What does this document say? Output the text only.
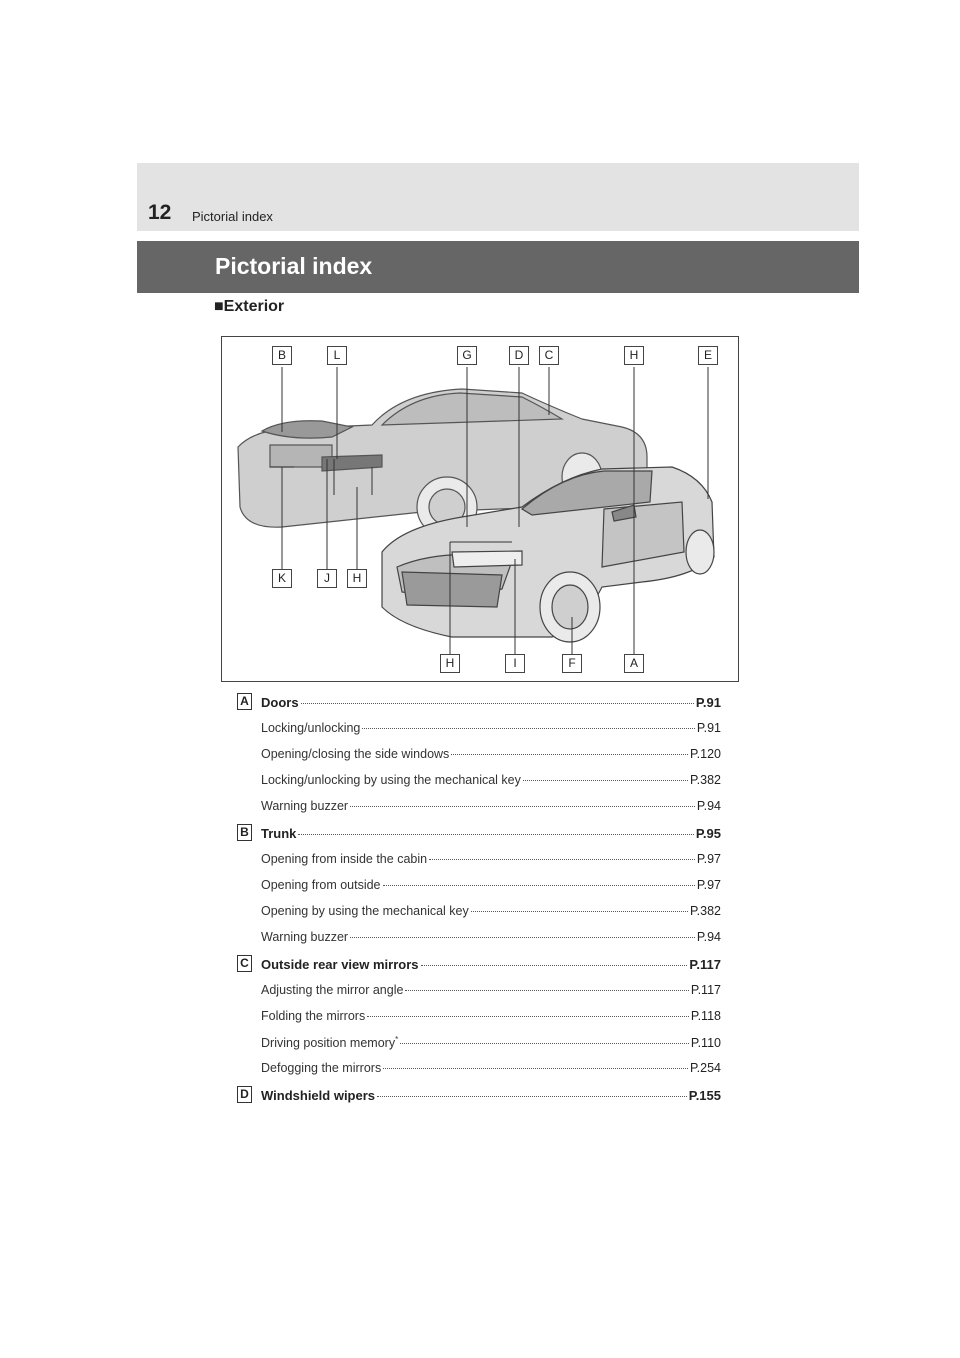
12 Pictorial index
Pictorial index
■Exterior
B	L	G	D	C	H	E
K	J	H
H	I	F	A
A Doors	P.91
Locking/unlocking	P.91
Opening/closing the side windows	P.120
Locking/unlocking by using the mechanical key	P.382
Warning buzzer	P.94
B Trunk	P.95
Opening from inside the cabin	P.97
Opening from outside	P.97
Opening by using the mechanical key	P.382
Warning buzzer	P.94
C Outside rear view mirrors	P.117
Adjusting the mirror angle	P.117
Folding the mirrors	P.118
Driving position memory*	P.110
Defogging the mirrors	P.254
D Windshield wipers	P.155
